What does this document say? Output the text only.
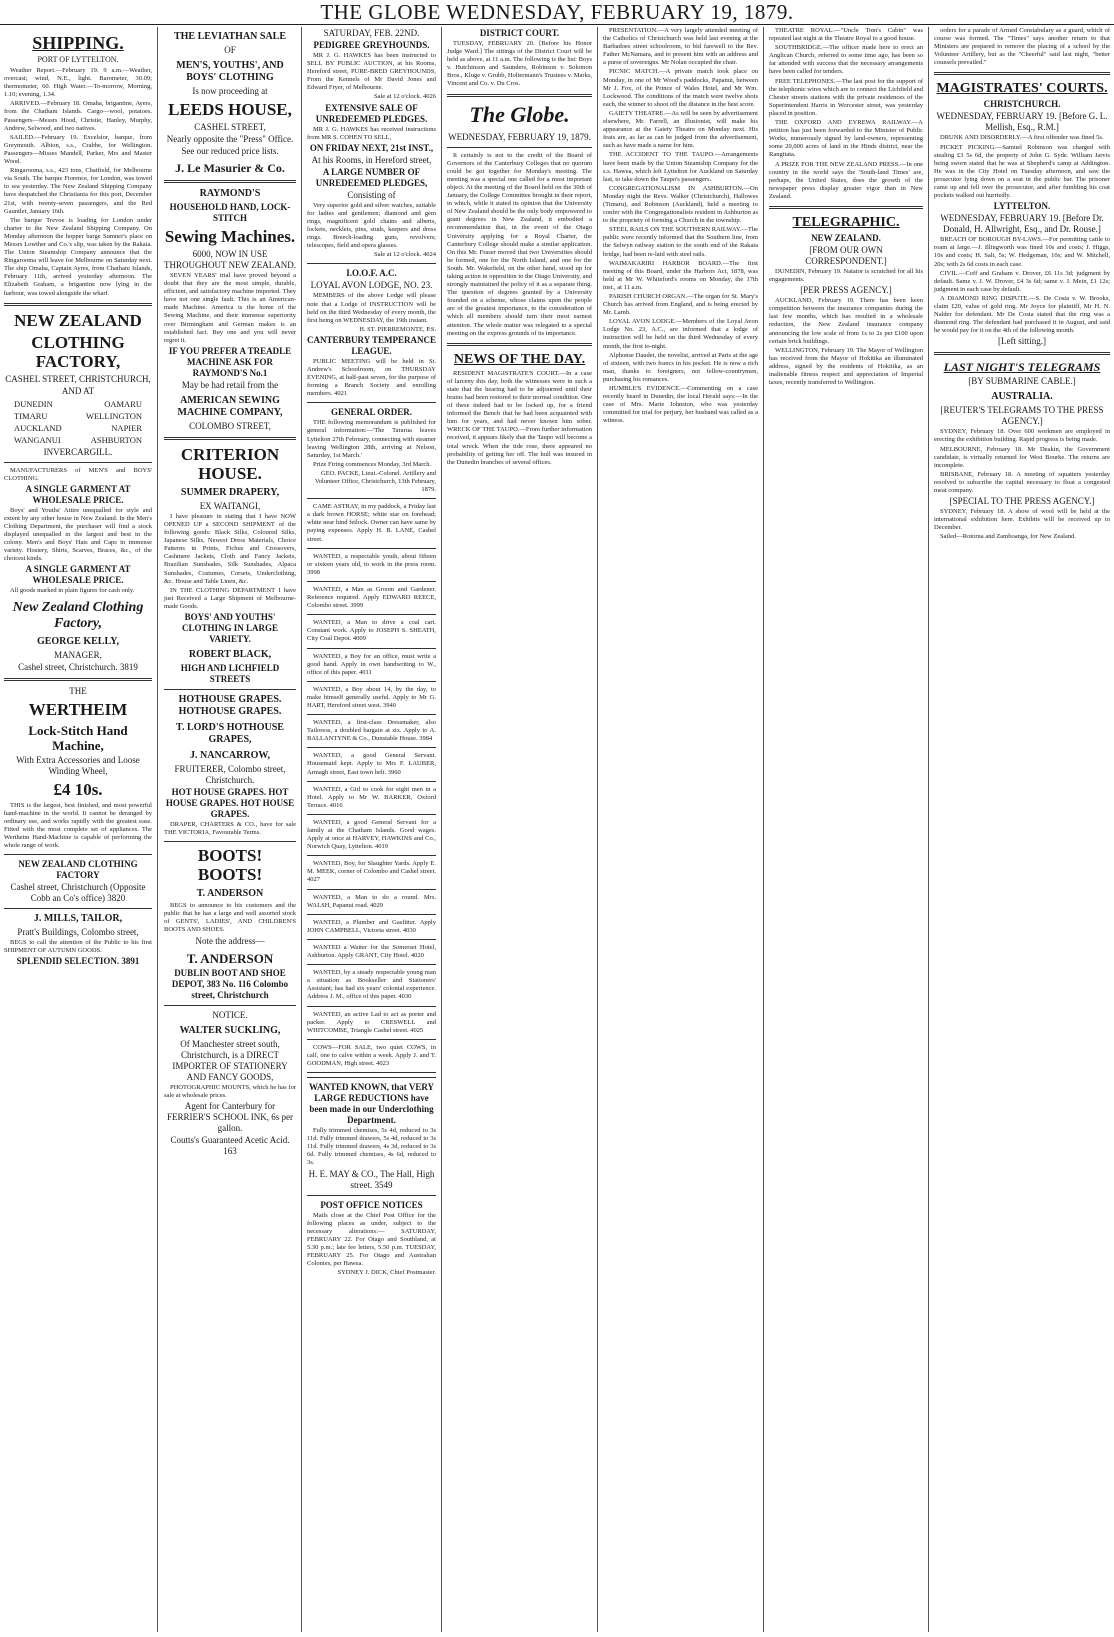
THE GLOBE WEDNESDAY, FEBRUARY 19, 1879.
SHIPPING.
PORT OF LYTTELTON.

Weather Report.—February 19. 9 a.m.—Weather, overcast; wind, N.E., light. Barometer, 30.09; thermometer, 60. High Water.—To-morrow, Morning, 1.10; evening, 1.34.

ARRIVED.—February 18. Omaha, brigantine, Ayers, from the Chatham Islands. Cargo—wool, potatoes. Passengers—Messrs Hood, Christie, Hanley, Murphy, Andrew, Selwood, and two natives.

SAILED.—February 19. Excelsior, barque, from Greymouth. Albion, s.s., Crabbe, for Wellington. Passengers—Misses Mandell, Parker, Mrs and Master Wood.

Ringarooma, s.s., 423 tons, Chatfield, for Melbourne via South. The barque Fiorence, for London, was towed to sea yesterday. The New Zealand Shipping Company have despatched the Christiania for this port, December 21st, with twenty-seven passengers, and the Red Gauntlet, January 16th.

The barque Trevoe is loading for London under charter to the New Zealand Shipping Company. On Monday afternoon the hopper barge Sumner's place on Messrs Lowther and Co.'s slip, was taken by the Rakaia. The Union Steamship Company announce that the Ringarooma will leave for Melbourne on Saturday next. The ship Omaha, Captain Ayres, from Chatham Islands, February 11th, arrived yesterday afternoon. The Elizabeth Graham, a brigantine now lying in the harbour, was towed alongside the wharf.

NEW ZEALAND
CLOTHING FACTORY,
CASHEL STREET, CHRISTCHURCH,
AND AT
DUNEDIN	OAMARU
TIMARU	WELLINGTON
AUCKLAND	NAPIER
WANGANUI	ASHBURTON
INVERCARGILL.

MANUFACTURERS of MEN'S and BOYS' CLOTHING.

A SINGLE GARMENT AT WHOLESALE PRICE.

Boys' and Youths' Attire unequalled for style and extent by any other house in New Zealand. In the Men's Clothing Department, the purchaser will find a stock displayed unequalled in the largest and best in the colony. Men's and Boys' Hats and Caps in immense variety. Hosiery, Shirts, Scarves, Braces, &c., of the choicest kinds.

A SINGLE GARMENT AT WHOLESALE PRICE.

All goods marked in plain figures for cash only.

New Zealand Clothing Factory,
GEORGE KELLY,
MANAGER,
Cashel street, Christchurch. 3819
THE
WERTHEIM
Lock-Stitch Hand Machine,
With Extra Accessories and Loose Winding Wheel,
£4 10s.

THIS is the largest, best finished, and most powerful hand-machine in the world. It cannot be deranged by ordinary use, and works rapidly with the greatest ease. Fitted with the most complete set of appliances. The Wertheim Hand-Machine is capable of performing the whole range of work.

NEW ZEALAND CLOTHING FACTORY
Cashel street, Christchurch (Opposite Cobb an Co's office) 3820
J. MILLS, TAILOR,
Pratt's Buildings, Colombo street,

BEGS to call the attention of the Public to his first SHIPMENT OF AUTUMN GOODS.

SPLENDID SELECTION. 3891
THE LEVIATHAN SALE
OF
MEN'S, YOUTHS', AND BOYS' CLOTHING
Is now proceeding at
LEEDS HOUSE,
CASHEL STREET,
Nearly opposite the "Press" Office.
See our reduced price lists.
J. Le Masurier & Co.
RAYMOND'S
HOUSEHOLD HAND, LOCK-STITCH
Sewing Machines.
6000, NOW IN USE THROUGHOUT NEW ZEALAND.

SEVEN YEARS' trial have proved beyond a doubt that they are the most simple, durable, efficient, and satisfactory machine imported. They have not one single fault. This is an American-made Machine. America is the home of the Sewing Machine, and their immense superiority over Birmingham and German makes is an established fact. Buy one and you will never regret it.

IF YOU PREFER A TREADLE MACHINE ASK FOR RAYMOND'S No.1
May be had retail from the
AMERICAN SEWING MACHINE COMPANY,
COLOMBO STREET,
CRITERION HOUSE.
SUMMER DRAPERY,
EX WAITANGI,

I have pleasure in stating that I have NOW OPENED UP a SECOND SHIPMENT of the following goods: Black Silks, Coloured Silks, Japanese Silks, Newest Dress Materials, Choice Patterns in Prints, Fichus and Crossovers, Cashmere Jackets, Cloth and Fancy Jackets, Brazilian Sunshades, Silk Sunshades, Alpaca Sunshades, Costumes, Corsets, Underclothing, &c. House and Table Linen, &c.

IN THE CLOTHING DEPARTMENT I have just Received a Large Shipment of Melbourne-made Goods.

BOYS' AND YOUTHS' CLOTHING IN LARGE VARIETY.
ROBERT BLACK,
HIGH AND LICHFIELD STREETS
HOTHOUSE GRAPES. HOTHOUSE GRAPES.
T. LORD'S HOTHOUSE GRAPES,
J. NANCARROW,
FRUITERER, Colombo street, Christchurch.
HOT HOUSE GRAPES. HOT HOUSE GRAPES. HOT HOUSE GRAPES.

DRAPER, CHARTERS & CO., have for sale THE VICTORIA, Favourable Terms.

BOOTS! BOOTS!
T. ANDERSON

BEGS to announce to his customers and the public that he has a large and well assorted stock of GENTS', LADIES', AND CHILDREN'S BOOTS AND SHOES.

Note the address—
T. ANDERSON
DUBLIN BOOT AND SHOE DEPOT, 383 No. 116 Colombo street, Christchurch
NOTICE.
WALTER SUCKLING,
Of Manchester street south, Christchurch, is a DIRECT IMPORTER OF STATIONERY AND FANCY GOODS,

PHOTOGRAPHIC MOUNTS, which he has for sale at wholesale prices.

Agent for Canterbury for FERRIER'S SCHOOL INK, 6s per gallon.
Coutts's Guaranteed Acetic Acid. 163
SATURDAY, FEB. 22ND.
PEDIGREE GREYHOUNDS.

MR J. G. HAWKES has been instructed to SELL BY PUBLIC AUCTION, at his Rooms, Hereford street, PURE-BRED GREYHOUNDS, From the Kennels of Mr David Jones and Edward Fryer, of Melbourne.

Sale at 12 o'clock. 4026
EXTENSIVE SALE OF UNREDEEMED PLEDGES.

MR J. G. HAWKES has received instructions from MR S. COHEN TO SELL,

ON FRIDAY NEXT, 21st INST.,
At his Rooms, in Hereford street,
A LARGE NUMBER OF UNREDEEMED PLEDGES,
Consisting of

Very superior gold and silver watches, suitable for ladies and gentlemen; diamond and gem rings, magnificent gold chains and alberts, lockets, necklets, pins, studs, keepers and dress rings. Breech-loading guns, revolvers; telescopes, field and opera glasses.

Sale at 12 o'clock. 4024
I.O.O.F. A.C.
LOYAL AVON LODGE, NO. 23.

MEMBERS of the above Lodge will please note that a Lodge of INSTRUCTION will be held on the third Wednesday of every month, the first being on WEDNESDAY, the 19th instant.

H. ST. PIERREMONTE, P.S.
CANTERBURY TEMPERANCE LEAGUE.

PUBLIC MEETING will be held in St. Andrew's Schoolroom, on THURSDAY EVENING, at half-past seven, for the purpose of forming a Branch Society and enrolling members. 4021

GENERAL ORDER.

THE following memorandum is published for general information:—'The Tararua leaves Lyttelton 27th February, connecting with steamer leaving Wellington 28th, arriving at Nelson, Saturday, 1st March.'

Prize Firing commences Monday, 3rd March.

GEO. PACKE, Lieut.-Colonel. Artillery and Volunteer Office, Christchurch, 13th February, 1879.

CAME ASTRAY, in my paddock, a Friday last a dark brown HORSE; white star on forehead; white near hind fetlock. Owner can have same by paying expenses. Apply H. B. LANE, Cashel street.

WANTED, a respectable youth, about fifteen or sixteen years old, to work in the press room. 3998

WANTED, a Man as Groom and Gardener. Reference required. Apply EDWARD REECE, Colombo street. 3999

WANTED, a Man to drive a coal cart. Constant work. Apply to JOSEPH S. SHEATH, City Coal Depot. 4009

WANTED, a Boy for an office, must write a good hand. Apply in own handwriting to W., office of this paper. 4011

WANTED, a Boy about 14, by the day, to make himself generally useful. Apply to Mr G. HART, Hereford street west. 3940

WANTED, a first-class Dressmaker, also Tailoress, a doubled bargain at six. Apply to A. BALLANTYNE & Co., Dunstable House. 3984

WANTED, a good General Servant. Housemaid kept. Apply to Mrs F. LAUBER, Armagh street, East town belt. 3960

WANTED, a Girl to cook for eight men in a Hotel. Apply to Mr W. BARKER, Oxford Terrace. 4016

WANTED, a good General Servant for a family at the Chatham Islands. Good wages. Apply at once at HARVEY, HAWKINS and Co., Norwich Quay, Lyttelton. 4019

WANTED, Boy, for Slaughter Yards. Apply E. M. MEEK, corner of Colombo and Cashel street. 4027

WANTED, a Man to do a round. Mrs. WALSH, Papanui road. 4029

WANTED, a Plumber and Gasfitter. Apply JOHN CAMPBELL, Victoria street. 4030

WANTED a Waiter for the Somerset Hotel, Ashburton. Apply GRANT, City Hotel. 4020

WANTED, by a steady respectable young man a situation as Bookseller and Stationers' Assistant; has had six years' colonial experience. Address J. M., office of this paper. 4030

WANTED, an active Lad to act as porter and packer. Apply to CRESWELL and WHITCOMBE, Triangle Cashel street. 4025

COWS—FOR SALE, two quiet COWS, in calf, one to calve within a week. Apply J. and T. GOODMAN, High street. 4023

WANTED KNOWN, that VERY LARGE REDUCTIONS have been made in our Underclothing Department.

Fully trimmed chemises, 5s 4d, reduced to 3s 11d. Fully trimmed drawers, 5s 4d, reduced to 3s 11d. Fully trimmed drawers, 4s 3d, reduced to 3s 6d. Fully trimmed chemises, 4s 6d, reduced to 3s.

H. E. MAY & CO., The Hall, High street. 3549
POST OFFICE NOTICES

Mails close at the Chief Post Office for the following places as under, subject to the necessary alterations:— SATURDAY, FEBRUARY 22. For Otago and Southland, at 5.30 p.m.; late fee letters, 5.50 p.m. TUESDAY, FEBRUARY 25. For Otago and Australian Colonies, per Hawea.

SYDNEY J. DICK, Chief Postmaster.
DISTRICT COURT.

TUESDAY, FEBRUARY 20. [Before his Honor Judge Ward.] The sittings of the District Court will be held as above, at 11 a.m. The following is the list: Boys v. Hutchinson and Saunders, Robinson v. Solomon Bros., Kluge v. Grubb, Holtermann's Trustees v. Marks, Vincent and Co. v. Du Cros.

The Globe.
WEDNESDAY, FEBRUARY 19, 1879.

It certainly is not to the credit of the Board of Governors of the Canterbury Colleges that no quorum could be got together for Monday's meeting. The meeting was a special one called for a most important object. At the meeting of the Board held on the 30th of January, the College Committee brought in their report, in which, while it stated its opinion that the University of New Zealand should be the only body empowered to grant degrees in New Zealand, it embodied a recommendation that, in the event of the Otago University applying for a Royal Charter, the Canterbury College should make a similar application. On this Mr. Fraser moved that two Universities should be formed, one for the North Island, and one for the South. Mr. Wakefield, on the other hand, stood up for taking action in opposition to the Otago University, and strongly maintained the policy of it as a separate thing. The question of degrees granted by a University founded on a scheme, whose claims upon the people are of the greatest importance, to the consideration of which all members should turn their most earnest attention. The whole matter was relegated to a special meeting on the express grounds of its importance.

NEWS OF THE DAY.

RESIDENT MAGISTRATE'S COURT.—In a case of larceny this day, both the witnesses were in such a state that the hearing had to be adjourned until their brains had been restored to their normal condition. One of these indeed had to be locked up, for a friend informed the Bench that he had been acquainted with him for years, and had never known him sober. WRECK OF THE TAUPO.—From further information received, it appears likely that the Taupo will become a total wreck. When the tide rose, there appeared no probability of getting her off. The hull was insured in the Dunedin branches of several offices.

PRESENTATION.—A very largely attended meeting of the Catholics of Christchurch was held last evening at the Barbadoes street schoolroom, to bid farewell to the Rev. Father McNamara, and to present him with an address and a purse of sovereigns. Mr Nolan occupied the chair.

PICNIC MATCH.—A private match took place on Monday, in one of Mr Wood's paddocks, Papanui, between Mr J. Fox, of the Prince of Wales Hotel, and Mr Wm. Lockwood. The conditions of the match were twelve shots each, the winner to shoot off the distance in the best score.

GAIETY THEATRE.—As will be seen by advertisement elsewhere, Mr. Farrell, an illusionist, will make his appearance at the Gaiety Theatre on Monday next. His feats are, as far as can be judged from the advertisement, such as have made a name for him.

THE ACCIDENT TO THE TAUPO.—Arrangements have been made by the Union Steamship Company for the s.s. Hawea, which left Lyttelton for Auckland on Saturday last, to take down the Taupo's passengers.

CONGREGATIONALISM IN ASHBURTON.—On Monday night the Revs. Walker (Christchurch), Hallowes (Timaru), and Robinson (Auckland), held a meeting to confer with the Congregationalists resident in Ashburton as to the propriety of forming a Church in the township.

STEEL RAILS ON THE SOUTHERN RAILWAY.—The public were recently informed that the Southern line, from the Selwyn railway station to the south end of the Rakaia bridge, had been re-laid with steel rails.

WAIMAKARIRI HARBOR BOARD.—The first meeting of this Board, under the Harbors Act, 1878, was held at Mr W. Whiteford's rooms on Monday, the 17th inst., at 11 a.m.

PARISH CHURCH ORGAN.—The organ for St. Mary's Church has arrived from England, and is being erected by Mr. Lamb.

LOYAL AVON LODGE.—Members of the Loyal Avon Lodge No. 23, A.C., are informed that a lodge of instruction will be held on the third Wednesday of every month, the first to-night.

Alphonse Daudet, the novelist, arrived at Paris at the age of sixteen, with two francs in his pocket. He is now a rich man, thanks to foreigners, not fellow-countrymen, purchasing his romances.

HUMBLE'S EVIDENCE.—Commenting on a case recently heard in Dunedin, the local Herald says:—In the case of Mrs. Marie Johnston, who was yesterday committed for trial for perjury, her husband was called as a witness.

THEATRE ROYAL.—"Uncle Tom's Cabin" was repeated last night at the Theatre Royal to a good house.

SOUTHBRIDGE.—The officer made here to erect an Anglican Church, referred to some time ago, has been so far attended with success that the necessary arrangements have been called for tenders.

FREE TELEPHONES.—The last post for the support of the telephonic wires which are to connect the Lichfield and Chester streets stations with the private residences of the Superintendent Harris in Worcester street, was yesterday placed in position.

THE OXFORD AND EYREWA RAILWAY.—A petition has just been forwarded to the Minister of Public Works, numerously signed by land-owners, representing some 20,000 acres of land in the Hinds district, near the Rangitata.

A PRIZE FOR THE NEW ZEALAND PRESS.—In one country in the world says the 'South-land Times' are, perhaps, the United States, does the growth of the newspaper press display greater vigor than in New Zealand.

TELEGRAPHIC.
NEW ZEALAND.
[FROM OUR OWN CORRESPONDENT.]

DUNEDIN, February 19. Natator is scratched for all his engagements.

[PER PRESS AGENCY.]

AUCKLAND, February 19. There has been keen competition between the insurance companies during the last few months, which has resulted in a wholesale reduction, the New Zealand insurance company announcing the low scale of from 1s to 2s per £100 upon certain brick buildings.

WELLINGTON, February 19. The Mayor of Wellington has received from the Mayor of Hokitika an illuminated address, signed by the residents of Hokitika, as an inalienable fitness respect and appreciation of Imperial taxes, recently transferred to Wellington.

orders for a parade of Armed Constabulary as a guard, which of course was formed. The "Times" says another return to that Ministers are prepared to remove the placing of a school by the Volunteer Artillery, but as the "Cheerful" said last night, "better counsels prevailed."

MAGISTRATES' COURTS.
CHRISTCHURCH.
WEDNESDAY, FEBRUARY 19. [Before G. L. Mellish, Esq., R.M.]

DRUNK AND DISORDERLY.—A first offender was fined 5s.

PICKET PICKING.—Samuel Robinson was charged with stealing £3 5s 6d, the property of John G. Syde. William Jarvis being sworn stated that he was at Shepherd's camp at Addington. He was in the City Hotel on Tuesday afternoon, and saw the prosecutor lying down on a seat in the public bar. The prisoner came up and fell over the prosecutor, and after fumbling his coat pockets walked out hurriedly.

LYTTELTON.
WEDNESDAY, FEBRUARY 19. [Before Dr. Donald, H. Allwright, Esq., and Dr. Rouse.]

BREACH OF BOROUGH BY-LAWS.—For permitting cattle to roam at large.—J. Illingworth was fined 10s and costs; J. Higgs, 10s and costs; H. Salt, 5s; W. Hedgeman, 10s; and W. Mitchell, 20s; with 2s 6d costs in each case.

CIVIL.—Coff and Graham v. Drover, £6 11s 3d; judgment by default. Same v. J. W. Drover, £4 3s 6d; same v. J. Mein, £1 12s; judgment in each case by default.

A DIAMOND RING DISPUTE.—S. De Costa v. W. Brooks, claim £20, value of gold ring. Mr Joyce for plaintiff, Mr H. N. Nalder for defendant. Mr De Costa stated that the ring was a diamond ring. The defendant had purchased it in August, and said he would pay for it on the 4th of the following month.

[Left sitting.]
LAST NIGHT'S TELEGRAMS
[BY SUBMARINE CABLE.]
AUSTRALIA.
[REUTER'S TELEGRAMS TO THE PRESS AGENCY.]

SYDNEY, February 18. Over 600 workmen are employed in erecting the exhibition building. Rapid progress is being made.

MELBOURNE, February 18. Mr Deakin, the Government candidate, is virtually returned for West Bourke. The returns are incomplete.

BRISBANE, February 18. A meeting of squatters yesterday resolved to subscribe the capital necessary to float a congested meat company.

[SPECIAL TO THE PRESS AGENCY.]

SYDNEY, February 18. A show of wool will be held at the international exhibition here. Exhibits will be received up to December.

Sailed—Rotorua and Zamboanga, for New Zealand.
